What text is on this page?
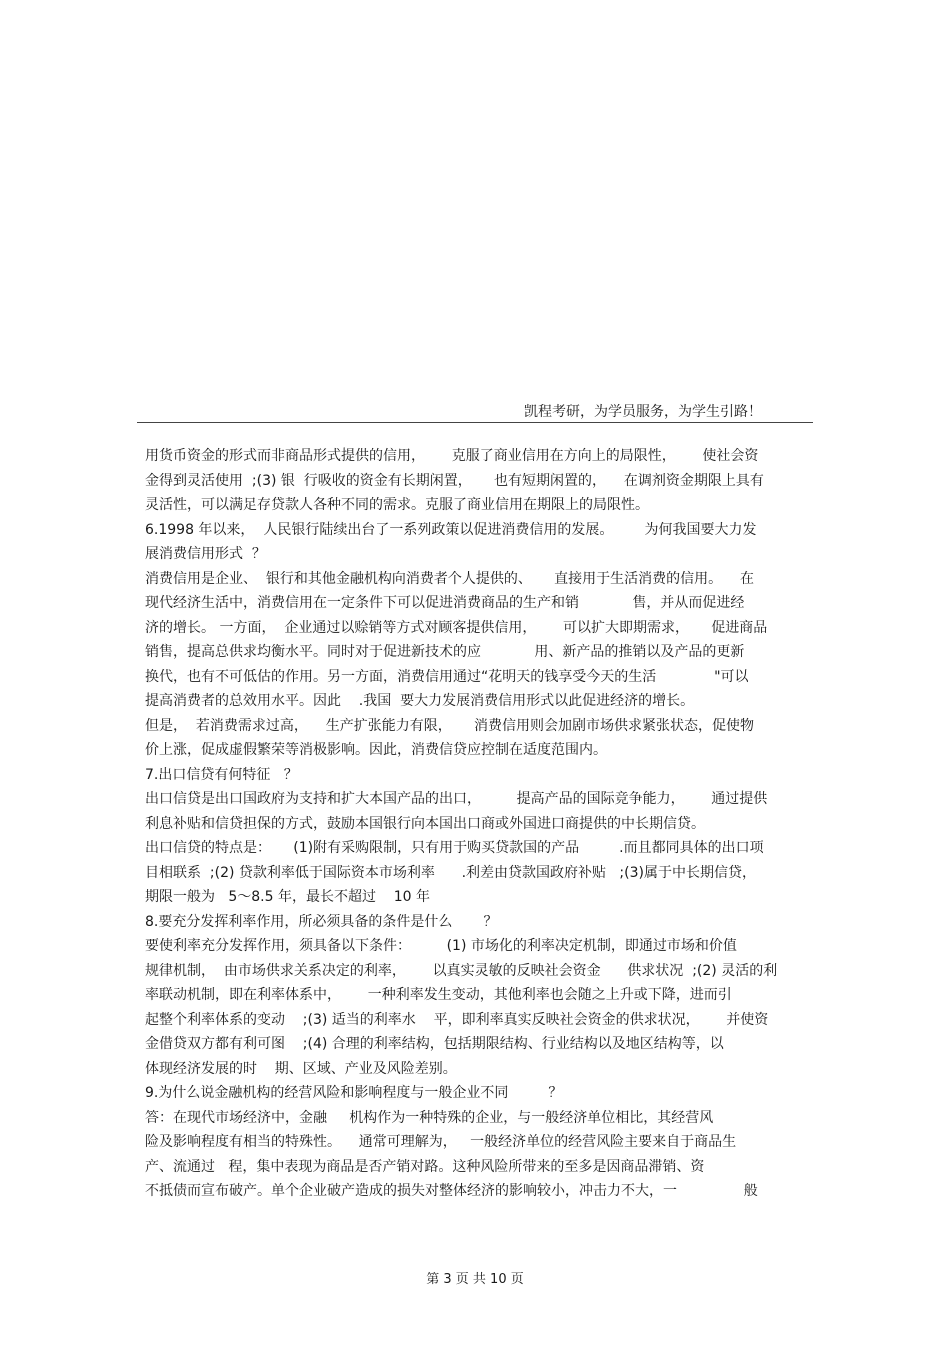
凯程考研，为学员服务，为学生引路！
用货币资金的形式而非商品形式提供的信用，      克服了商业信用在方向上的局限性，      使社会资
金得到灵活使用  ;(3) 银  行吸收的资金有长期闲置，     也有短期闲置的，    在调剂资金期限上具有
灵活性，可以满足存贷款人各种不同的需求。克服了商业信用在期限上的局限性。
6.1998 年以来，  人民银行陆续出台了一系列政策以促进消费信用的发展。       为何我国要大力发
展消费信用形式  ？
消费信用是企业、  银行和其他金融机构向消费者个人提供的、     直接用于生活消费的信用。    在
现代经济生活中，消费信用在一定条件下可以促进消费商品的生产和销            售，并从而促进经
济的增长。 一方面，  企业通过以赊销等方式对顾客提供信用，      可以扩大即期需求，     促进商品
销售，提高总供求均衡水平。同时对于促进新技术的应            用、新产品的推销以及产品的更新
换代，也有不可低估的作用。另一方面，消费信用通过“花明天的钱享受今天的生活             "可以
提高消费者的总效用水平。因此    .我国  要大力发展消费信用形式以此促进经济的增长。
但是，  若消费需求过高，    生产扩张能力有限，     消费信用则会加剧市场供求紧张状态，促使物
价上涨，促成虚假繁荣等消极影响。因此，消费信贷应控制在适度范围内。
7.出口信贷有何特征   ？
出口信贷是出口国政府为支持和扩大本国产品的出口，        提高产品的国际竞争能力，      通过提供
利息补贴和信贷担保的方式，鼓励本国银行向本国出口商或外国进口商提供的中长期信贷。
出口信贷的特点是：     (1)附有采购限制，只有用于购买贷款国的产品         .而且都同具体的出口项
目相联系  ;(2) 贷款利率低于国际资本市场利率      .利差由贷款国政府补贴   ;(3)属于中长期信贷，
期限一般为   5～8.5 年，最长不超过    10 年
8.要充分发挥利率作用，所必须具备的条件是什么       ？
要使利率充分发挥作用，须具备以下条件：        (1) 市场化的利率决定机制，即通过市场和价值
规律机制，  由市场供求关系决定的利率，      以真实灵敏的反映社会资金      供求状况  ;(2) 灵活的利
率联动机制，即在利率体系中，      一种利率发生变动，其他利率也会随之上升或下降，进而引
起整个利率体系的变动    ;(3) 适当的利率水    平，即利率真实反映社会资金的供求状况，      并使资
金借贷双方都有利可图    ;(4) 合理的利率结构，包括期限结构、行业结构以及地区结构等，以
体现经济发展的时    期、区域、产业及风险差别。
9.为什么说金融机构的经营风险和影响程度与一般企业不同         ？
答：在现代市场经济中，金融     机构作为一种特殊的企业，与一般经济单位相比，其经营风
险及影响程度有相当的特殊性。    通常可理解为，   一般经济单位的经营风险主要来自于商品生
产、流通过   程，集中表现为商品是否产销对路。这种风险所带来的至多是因商品滞销、资
不抵债而宣布破产。单个企业破产造成的损失对整体经济的影响较小，冲击力不大，一               般
第 3 页 共 10 页
